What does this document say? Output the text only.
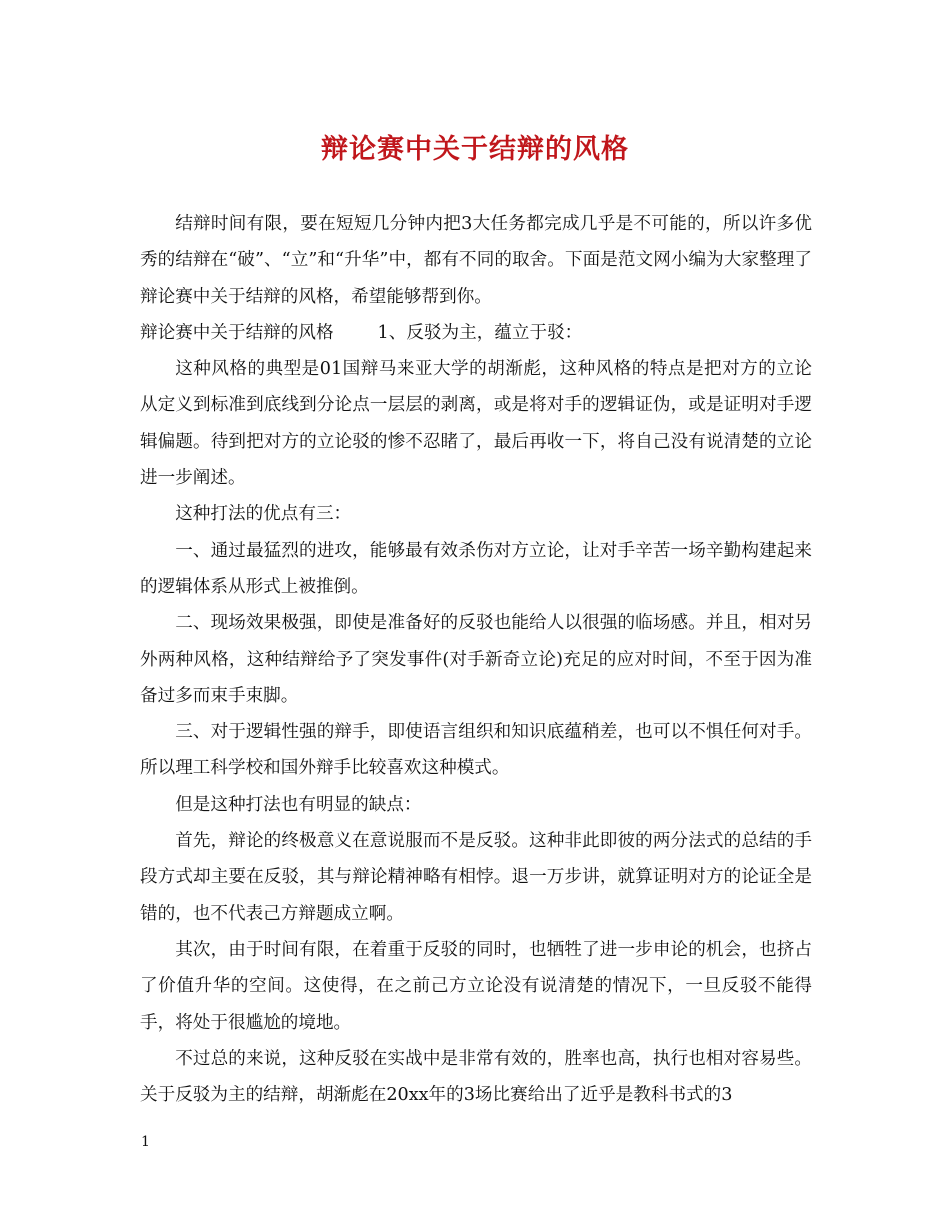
辩论赛中关于结辩的风格

结辩时间有限，要在短短几分钟内把3大任务都完成几乎是不可能的，所以许多优秀的结辩在“破”、“立”和“升华”中，都有不同的取舍。下面是范文网小编为大家整理了辩论赛中关于结辩的风格，希望能够帮到你。

辩论赛中关于结辩的风格	1、反驳为主，蕴立于驳：

这种风格的典型是01国辩马来亚大学的胡渐彪，这种风格的特点是把对方的立论从定义到标准到底线到分论点一层层的剥离，或是将对手的逻辑证伪，或是证明对手逻辑偏题。待到把对方的立论驳的惨不忍睹了，最后再收一下，将自己没有说清楚的立论进一步阐述。

这种打法的优点有三：

一、通过最猛烈的进攻，能够最有效杀伤对方立论，让对手辛苦一场辛勤构建起来的逻辑体系从形式上被推倒。

二、现场效果极强，即使是准备好的反驳也能给人以很强的临场感。并且，相对另外两种风格，这种结辩给予了突发事件(对手新奇立论)充足的应对时间，不至于因为准备过多而束手束脚。

三、对于逻辑性强的辩手，即使语言组织和知识底蕴稍差，也可以不惧任何对手。所以理工科学校和国外辩手比较喜欢这种模式。

但是这种打法也有明显的缺点：

首先，辩论的终极意义在意说服而不是反驳。这种非此即彼的两分法式的总结的手段方式却主要在反驳，其与辩论精神略有相悖。退一万步讲，就算证明对方的论证全是错的，也不代表己方辩题成立啊。

其次，由于时间有限，在着重于反驳的同时，也牺牲了进一步申论的机会，也挤占了价值升华的空间。这使得，在之前己方立论没有说清楚的情况下，一旦反驳不能得手，将处于很尴尬的境地。

不过总的来说，这种反驳在实战中是非常有效的，胜率也高，执行也相对容易些。关于反驳为主的结辩，胡渐彪在20xx年的3场比赛给出了近乎是教科书式的3

1
